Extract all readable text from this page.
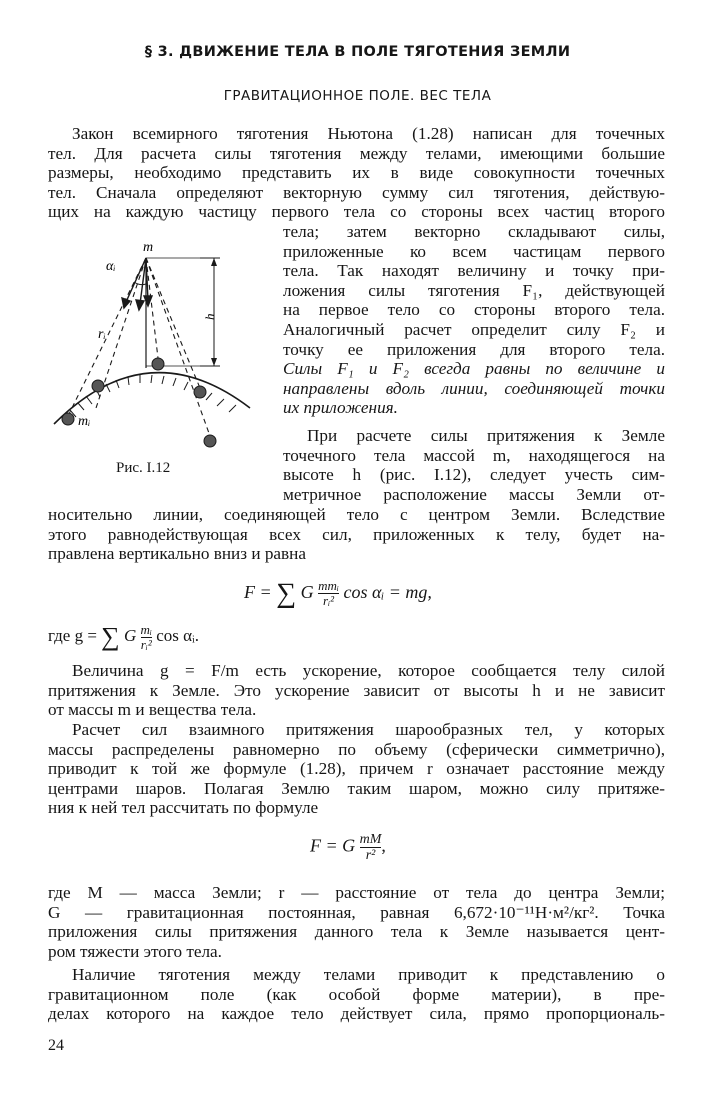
§ 3. ДВИЖЕНИЕ ТЕЛА В ПОЛЕ ТЯГОТЕНИЯ ЗЕМЛИ
ГРАВИТАЦИОННОЕ ПОЛЕ. ВЕС ТЕЛА
Закон всемирного тяготения Ньютона (1.28) написан для точечных
тел. Для расчета силы тяготения между телами, имеющими большие
размеры, необходимо представить их в виде совокупности точечных
тел. Сначала определяют векторную сумму сил тяготения, действую-
щих на каждую частицу первого тела со стороны всех частиц второго
тела; затем векторно складывают силы,
приложенные ко всем частицам первого
тела. Так находят величину и точку при-
ложения силы тяготения F₁, действующей
на первое тело со стороны второго тела.
Аналогичный расчет определит силу F₂ и
точку ее приложения для второго тела.
Силы F₁ и F₂ всегда равны по величине и
направлены вдоль линии, соединяющей точки
их приложения.
При расчете силы притяжения к Земле
точечного тела массой m, находящегося на
высоте h (рис. I.12), следует учесть сим-
метричное расположение массы Земли от-
m
αᵢ
rᵢ
h
mᵢ
Рис. I.12
носительно линии, соединяющей тело с центром Земли. Вследствие
этого равнодействующая всех сил, приложенных к телу, будет на-
правлена вертикально вниз и равна
F = ∑ G mmᵢ
rᵢ² cos αᵢ = mg,
где g = ∑ G $\frac{\text{mᵢ}}{\text{rᵢ²}}$ cos αᵢ.
Величина g = F/m есть ускорение, которое сообщается телу силой
притяжения к Земле. Это ускорение зависит от высоты h и не зависит
от массы m и вещества тела.
Расчет сил взаимного притяжения шарообразных тел, у которых
массы распределены равномерно по объему (сферически симметрично),
приводит к той же формуле (1.28), причем r означает расстояние между
центрами шаров. Полагая Землю таким шаром, можно силу притяже-
ния к ней тел рассчитать по формуле
F = G $\frac{mM}{\text{r²}}$ ,
где M — масса Земли; r — расстояние от тела до центра Земли;
G — гравитационная постоянная, равная 6,672·10⁻¹¹Н·м²/кг². Точка
приложения силы притяжения данного тела к Земле называется цент-
ром тяжести этого тела.
Наличие тяготения между телами приводит к представлению о
гравитационном поле (как особой форме материи), в пре-
делах которого на каждое тело действует сила, прямо пропорциональ-
24
